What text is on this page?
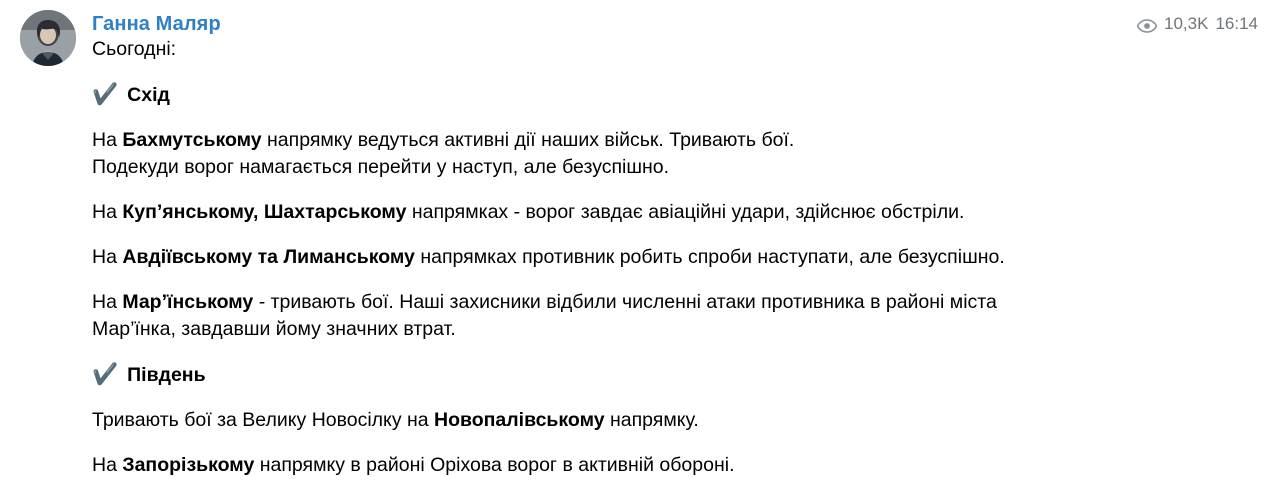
Ганна Маляр	10,3K 16:14
Сьогодні:
✔️ Схід
На Бахмутському напрямку ведуться активні дії наших військ. Тривають бої.
Подекуди ворог намагається перейти у наступ, але безуспішно.
На Куп’янському, Шахтарському напрямках - ворог завдає авіаційні удари, здійснює обстріли.
На Авдіївському та Лиманському напрямках противник робить спроби наступати, але безуспішно.
На Мар’їнському - тривають бої. Наші захисники відбили численні атаки противника в районі міста
Мар’їнка, завдавши йому значних втрат.
✔️ Південь
Тривають бої за Велику Новосілку на Новопалівському напрямку.
На Запорізькому напрямку в районі Оріхова ворог в активній обороні.
